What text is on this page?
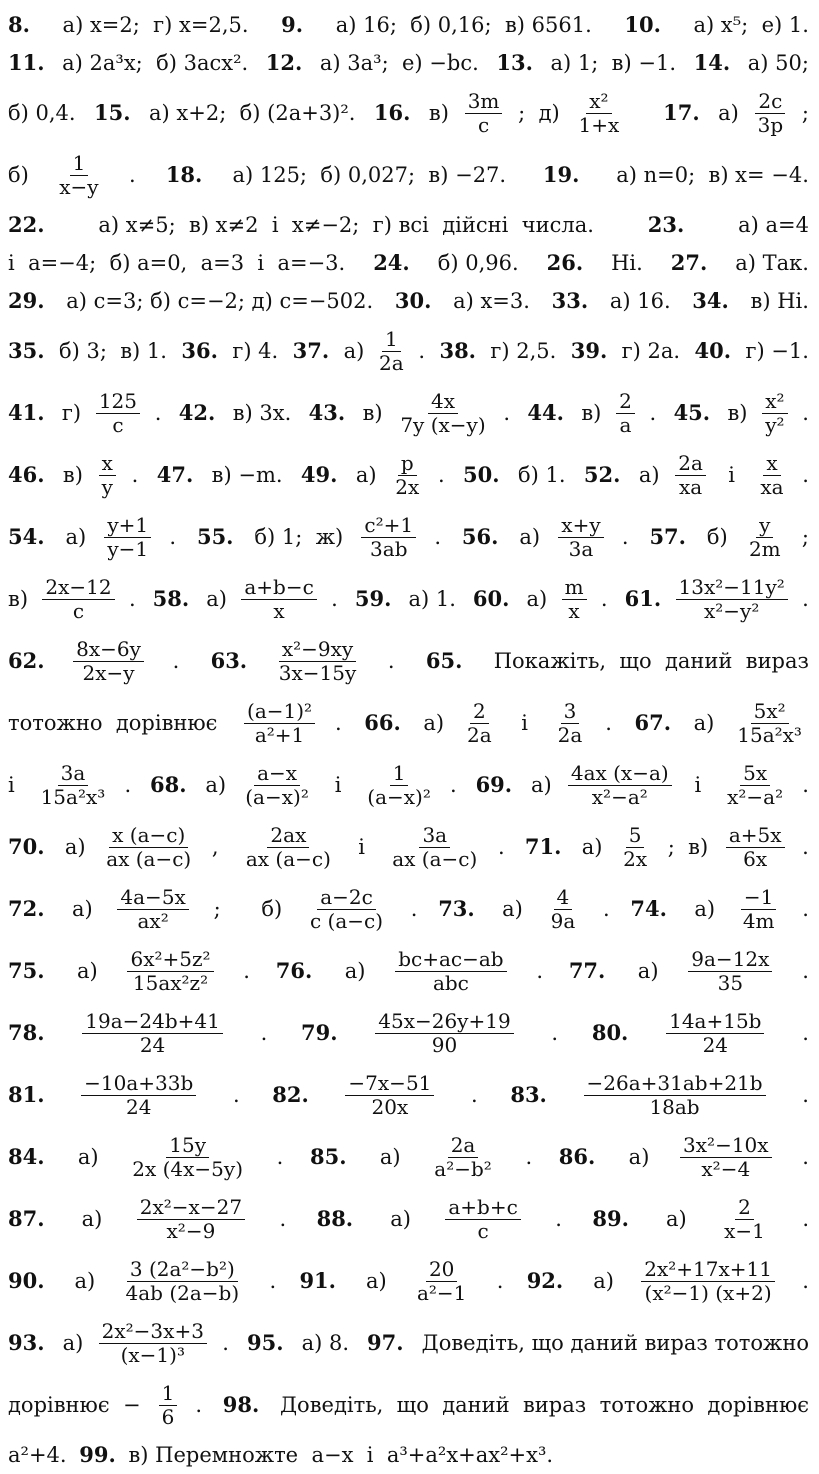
8. а) x=2;  г) x=2,5. 9. а) 16;  б) 0,16;  в) 6561. 10. а) x⁵;  е) 1.
11. а) 2a³x;  б) 3acx². 12. а) 3a³;  е) −bc. 13. а) 1;  в) −1. 14. а) 50;
б) 0,4. 15. а) x+2;  б) (2a+3)². 16. $в) \frac{3m}{c}$ ;  $д) \frac{\text{x²}}{1+x}$
17. $а) \frac{2c}{3p}$ ;
$б) \frac{1}{x-y}$ . 18. а) 125;  б) 0,027;  в) −27. 19. а) n=0;  в) x= −4.
22. а) x≠5;  в) x≠2  і  x≠−2;  г) всі  дійсні  числа. 23. а) a=4
і  a=−4;  б) a=0,  a=3  і  a=−3. 24. б) 0,96. 26. Ні. 27. а) Так.
29. а) c=3; б) c=−2; д) c=−502. 30. а) x=3. 33. а) 16. 34. в) Ні.
35. б) 3;  в) 1. 36. г) 4. 37. $а) \frac{1}{2a}$ . 38. г) 2,5. 39. г) 2a. 40. г) −1.
41. $г) \frac{125}{c}$ . 42. в) 3x. 43. $в) \frac{4x}{7y (x-y)}$ . 44. $в) \frac{2}{a}$ . 45. $в) \frac{\text{x²}}{\text{y²}}$ .
46. $в) \frac{x}{y}$ . 47. в) −m. 49. $а) \frac{p}{2x}$ . 50. б) 1. 52. $а) \frac{2a}{xa}$ і $\frac{x}{xa}$ .
54. $а) \frac{y+1}{y-1}$ . 55. б) 1;  $ж) \frac{\text{c²+1}}{3ab}$ . 56. $а) \frac{x+y}{3a}$ . 57. $б) \frac{y}{2m}$ ;
$в) \frac{2x-12}{c}$ . 58. $а) \frac{a+b-c}{x}$ . 59. а) 1. 60. $а) \frac{m}{x}$ . 61. $\frac{\text{13x²−11y²}}{\text{x²−y²}}$ .
62. $\frac{8x-6y}{2x-y}$ . 63. $\frac{\text{x²−9xy}}{3x-15y}$ . 65. Покажіть,  що  даний  вираз
тотожно  дорівнює $\frac{\text{(a−1)²}}{\text{a²+1}}$ . 66. $а) \frac{2}{2a}$ і $\frac{3}{2a}$ . 67. $а) \frac{\text{5x²}}{\text{15a²x³}}$
і $\frac{3a}{\text{15a²x³}}$ . 68. $а) \frac{a-x}{\text{(a−x)²}}$ і $\frac{1}{\text{(a−x)²}}$ . 69. $а) \frac{4ax (x-a)}{\text{x²−a²}}$ і $\frac{5x}{\text{x²−a²}}$ .
70. $а) \frac{x (a-c)}{ax (a-c)}$ , $\frac{2ax}{ax (a-c)}$ і $\frac{3a}{ax (a-c)}$ . 71. $а) \frac{5}{2x}$ ;  $в) \frac{a+5x}{6x}$ .
72. $а) \frac{4a-5x}{\text{ax²}}$ ; $б) \frac{a-2c}{c (a-c)}$ . 73. $а) \frac{4}{9a}$ . 74. $а) \frac{-1}{4m}$ .
75. $а) \frac{\text{6x²+5z²}}{\text{15ax²z²}}$ . 76. $а) \frac{bc+ac-ab}{\text{abc}}$ . 77. $а) \frac{9a-12x}{35}$ .
78. $\frac{19a-24b+41}{24}$ . 79. $\frac{45x-26y+19}{90}$ . 80. $\frac{14a+15b}{24}$ .
81. $\frac{-10a+33b}{24}$ . 82. $\frac{-7x-51}{20x}$ . 83. $\frac{-26a+31ab+21b}{18ab}$ .
84. $а) \frac{15y}{2x (4x-5y)}$ . 85. $а) \frac{2a}{\text{a²−b²}}$ . 86. $а) \frac{\text{3x²−10x}}{\text{x²−4}}$ .
87. $а) \frac{\text{2x²−x−27}}{\text{x²−9}}$ . 88. $а) \frac{a+b+c}{c}$ . 89. $а) \frac{2}{x-1}$ .
90. $а) \frac{\text{3 (2a²−b²)}}{4ab (2a-b)}$ . 91. $а) \frac{20}{\text{a²−1}}$ . 92. $а) \frac{\text{2x²+17x+11}}{\text{(x²−1) (x+2)}}$ .
93. $а) \frac{\text{2x²−3x+3}}{\text{(x−1)³}}$ . 95. а) 8. 97. Доведіть, що даний вираз тотожно
дорівнює  − $\frac{1}{6}$ . 98. Доведіть,  що  даний  вираз  тотожно  дорівнює
a²+4. 99. в) Перемножте  a−x  і  a³+a²x+ax²+x³.
